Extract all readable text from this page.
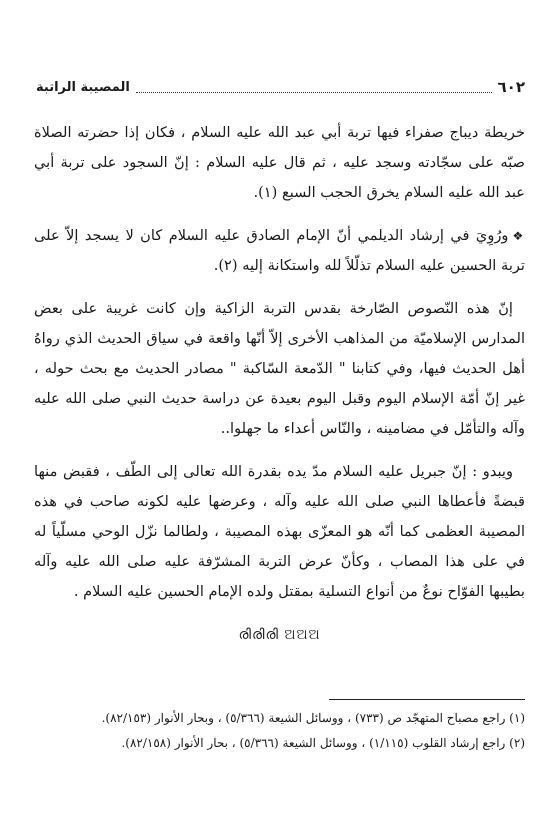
المصيبة الراتبة	٦٠٢

خريطة ديباج صفراء فيها تربة أبي عبد الله عليه السلام ، فكان إذا حضرته الصلاة صبّه على سجّادته وسجد عليه ، ثم قال عليه السلام : إنّ السجود على تربة أبي عبد الله عليه السلام يخرق الحجب السبع (١).

❖ورُوِيَ في إرشاد الديلمي أنّ الإمام الصادق عليه السلام كان لا يسجد إلاّ على تربة الحسين عليه السلام تذلّلاً لله واستكانة إليه (٢).

إنّ هذه النّصوص الصّارخة بقدس التربة الزاكية وإن كانت غريبة على بعض المدارس الإسلاميّة من المذاهب الأخرى إلاّ أنّها واقعة في سياق الحديث الذي رواهُ أهل الحديث فيها، وفي كتابنا " الدّمعة السّاكبة " مصادر الحديث مع بحث حوله ، غير إنّ أمّة الإسلام اليوم وقبل اليوم بعيدة عن دراسة حديث النبي صلى الله عليه وآله والتأمّل في مضامينه ، والنّاس أعداء ما جهلوا..

ويبدو : إنّ جبريل عليه السلام مدّ يده بقدرة الله تعالى إلى الطّف ، فقبض منها قبضةً فأعطاها النبي صلى الله عليه وآله ، وعرضها عليه لكونه صاحب في هذه المصيبة العظمى كما أنّه هو المعزّى بهذه المصيبة ، ولطالما نزّل الوحي مسلّياً له في على هذا المصاب ، وكأنّ عرض التربة المشرّفة عليه صلى الله عليه وآله بطيبها الفوّاح نوعٌ من أنواع التسلية بمقتل ولده الإمام الحسين عليه السلام .

രിരിരി ଅଅଅ
(١) راجع مصباح المتهجّد ص (٧٣٣) ، ووسائل الشيعة (٥/٣٦٦) ، وبحار الأنوار (٨٢/١٥٣).
(٢) راجع إرشاد القلوب (١/١١٥) ، ووسائل الشيعة (٥/٣٦٦) ، بحار الأنوار (٨٢/١٥٨).
